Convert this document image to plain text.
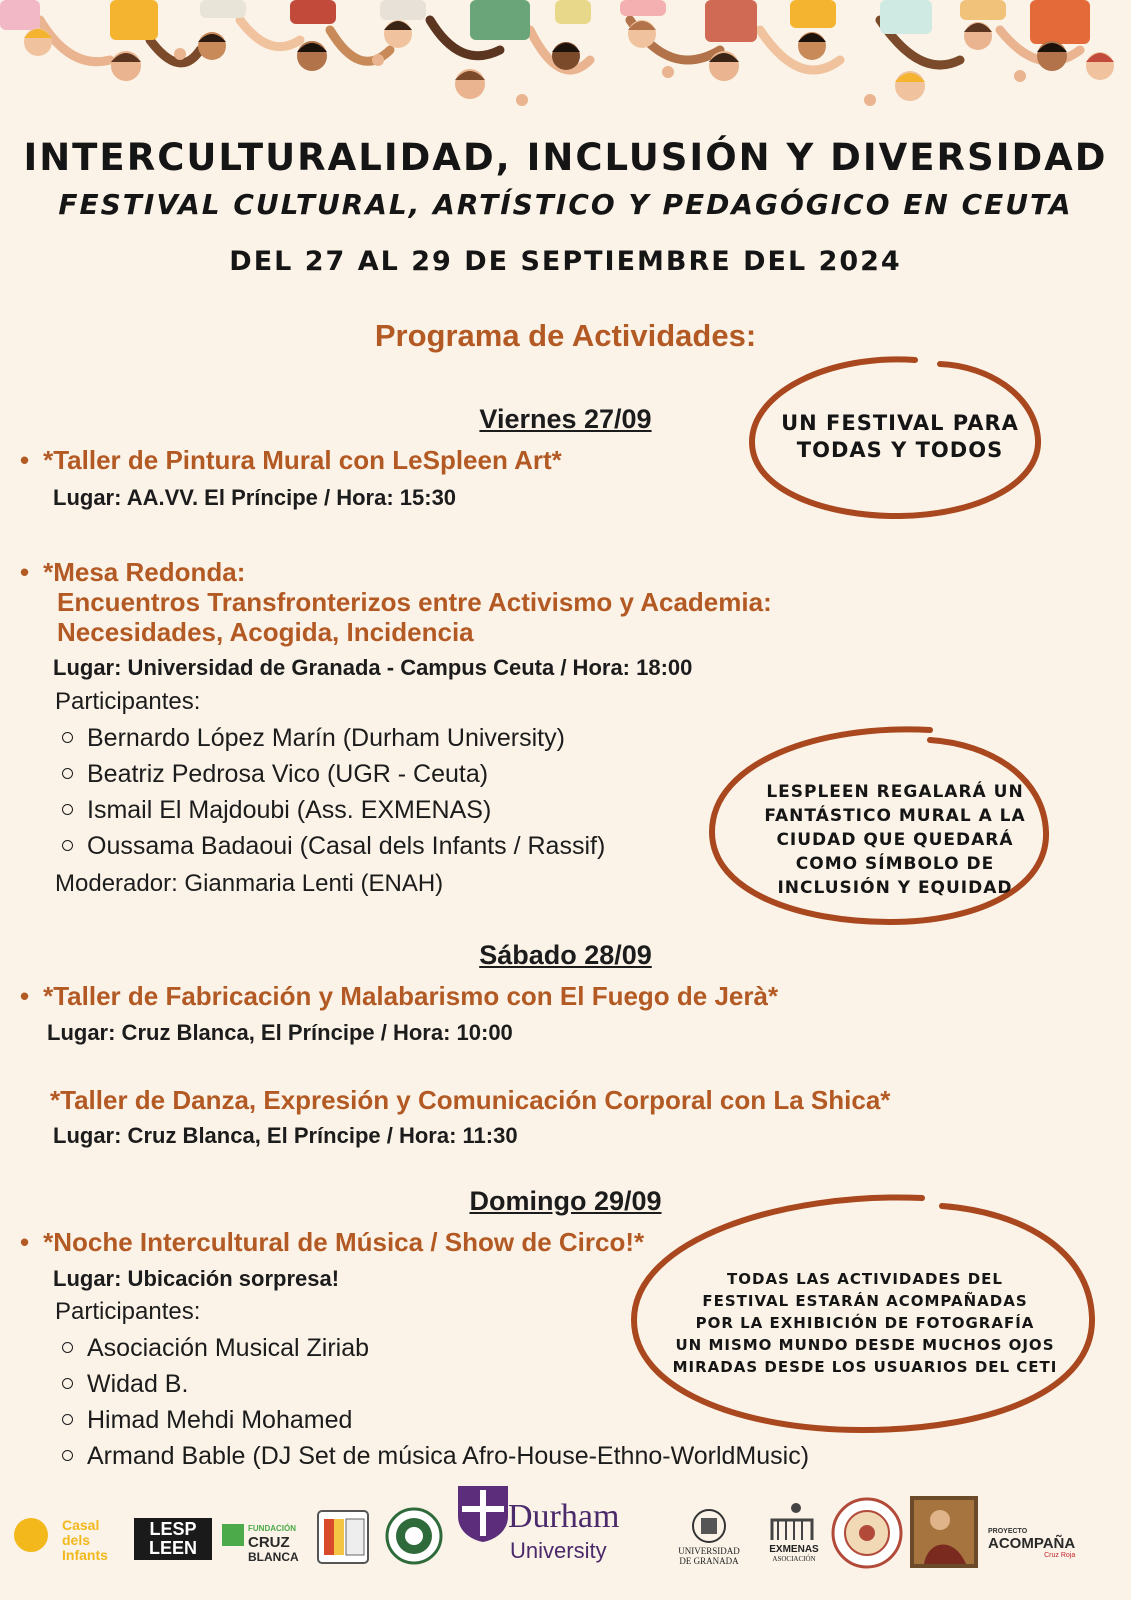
INTERCULTURALIDAD, INCLUSIÓN Y DIVERSIDAD
FESTIVAL CULTURAL, ARTÍSTICO Y PEDAGÓGICO EN CEUTA
DEL 27 AL 29 DE SEPTIEMBRE DEL 2024
Programa de Actividades:
Viernes 27/09
• *Taller de Pintura Mural con LeSpleen Art*
Lugar: AA.VV. El Príncipe / Hora: 15:30
• *Mesa Redonda:
Encuentros Transfronterizos entre Activismo y Academia:
Necesidades, Acogida, Incidencia
Lugar: Universidad de Granada - Campus Ceuta / Hora: 18:00
Participantes:
Bernardo López Marín (Durham University)
Beatriz Pedrosa Vico (UGR - Ceuta)
Ismail El Majdoubi (Ass. EXMENAS)
Oussama Badaoui (Casal dels Infants / Rassif)
Moderador: Gianmaria Lenti (ENAH)
Sábado 28/09
• *Taller de Fabricación y Malabarismo con El Fuego de Jerà*
Lugar: Cruz Blanca, El Príncipe / Hora: 10:00
*Taller de Danza, Expresión y Comunicación Corporal con La Shica*
Lugar: Cruz Blanca, El Príncipe / Hora: 11:30
Domingo 29/09
• *Noche Intercultural de Música / Show de Circo!*
Lugar: Ubicación sorpresa!
Participantes:
Asociación Musical Ziriab
Widad B.
Himad Mehdi Mohamed
Armand Bable (DJ Set de música Afro-House-Ethno-WorldMusic)
UN FESTIVAL PARA
TODAS Y TODOS
LESPLEEN REGALARÁ UN
FANTÁSTICO MURAL A LA
CIUDAD QUE QUEDARÁ
COMO SÍMBOLO DE
INCLUSIÓN Y EQUIDAD
TODAS LAS ACTIVIDADES DEL
FESTIVAL ESTARÁN ACOMPAÑADAS
POR LA EXHIBICIÓN DE FOTOGRAFÍA
UN MISMO MUNDO DESDE MUCHOS OJOS
MIRADAS DESDE LOS USUARIOS DEL CETI
Casal
dels
Infants
LESP
LEEN
FUNDACIÓN
CRUZ
BLANCA
Durham
University	UNIVERSIDAD
DE GRANADA
EXMENAS
ASOCIACIÓN
PROYECTO
ACOMPAÑA
Cruz Roja
